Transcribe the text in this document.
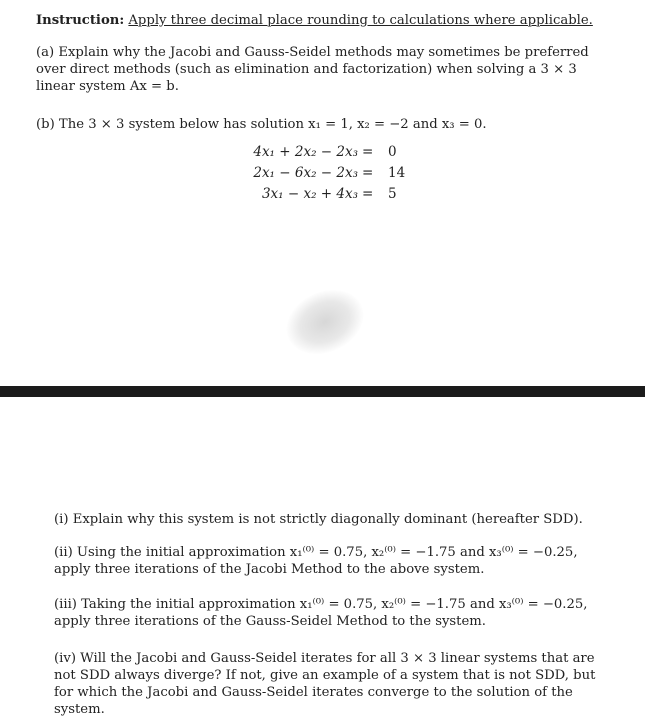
Instruction: Apply three decimal place rounding to calculations where applicable.
(a) Explain why the Jacobi and Gauss-Seidel methods may sometimes be preferred over direct methods (such as elimination and factorization) when solving a 3 × 3 linear system Ax = b.
(b) The 3 × 3 system below has solution x₁ = 1, x₂ = −2 and x₃ = 0.
4x₁ + 2x₂ − 2x₃
2x₁ − 6x₂ − 2x₃
3x₁ − x₂ + 4x₃
= 0
= 14
= 5
(i) Explain why this system is not strictly diagonally dominant (hereafter SDD).
(ii) Using the initial approximation x₁⁽⁰⁾ = 0.75, x₂⁽⁰⁾ = −1.75 and x₃⁽⁰⁾ = −0.25, apply three iterations of the Jacobi Method to the above system.
(iii) Taking the initial approximation x₁⁽⁰⁾ = 0.75, x₂⁽⁰⁾ = −1.75 and x₃⁽⁰⁾ = −0.25, apply three iterations of the Gauss-Seidel Method to the system.
(iv) Will the Jacobi and Gauss-Seidel iterates for all 3 × 3 linear systems that are not SDD always diverge? If not, give an example of a system that is not SDD, but for which the Jacobi and Gauss-Seidel iterates converge to the solution of the system.
